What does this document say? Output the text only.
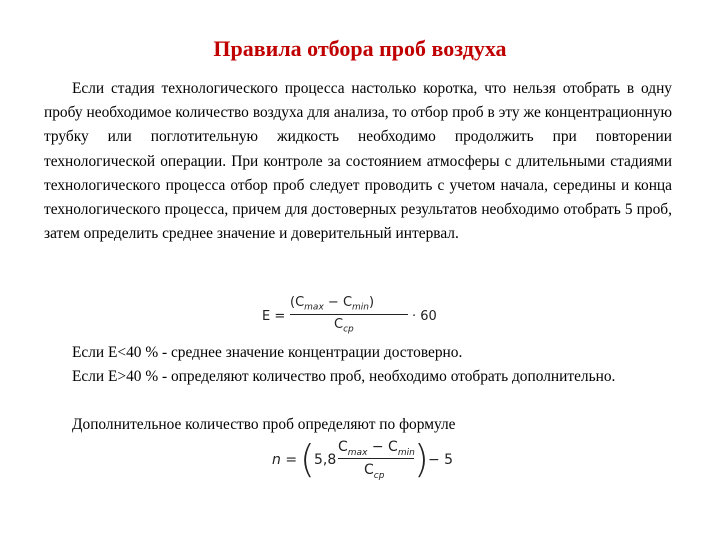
Правила отбора проб воздуха

Если стадия технологического процесса настолько коротка, что нельзя отобрать в одну пробу необходимое количество воздуха для анализа, то отбор проб в эту же концентрационную трубку или поглотительную жидкость необходимо продолжить при повторении технологической операции. При контроле за состоянием атмосферы с длительными стадиями технологического процесса отбор проб следует проводить с учетом начала, середины и конца технологического процесса, причем для достоверных результатов необходимо отобрать 5 проб, затем определить среднее значение и доверительный интервал.

E =
$(C_{max} - C_{min})$
$C_{ср}$
· 60

Если E<40 % - среднее значение концентрации достоверно.

Если E>40 % - определяют количество проб, необходимо отобрать дополнительно.

Дополнительное количество проб определяют по формуле

n = ( 5,8
$C_{max} - C_{min}$
$C_{ср}$ ) − 5
